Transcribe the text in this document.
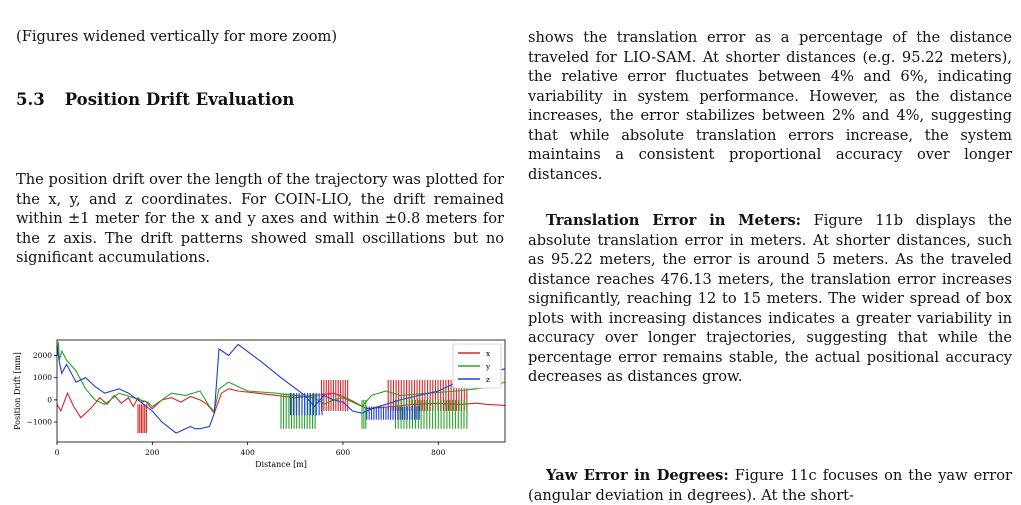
(Figures widened vertically for more zoom)
5.3 Position Drift Evaluation

The position drift over the length of the trajectory was plotted for the x, y, and z coordinates. For COIN-LIO, the drift remained within ±1 meter for the x and y axes and within ±0.8 meters for the z axis. The drift patterns showed small oscillations but no significant accumulations.

0	200	400	600	800
2000
1000
0
−1000
Distance [m]
Position Drift [mm]	x
y
z

shows the translation error as a percentage of the distance traveled for LIO-SAM. At shorter distances (e.g. 95.22 meters), the relative error fluctuates between 4% and 6%, indicating variability in system performance. However, as the distance increases, the error stabilizes between 2% and 4%, suggesting that while absolute translation errors increase, the system maintains a consistent proportional accuracy over longer distances.

Translation Error in Meters: Figure 11b displays the absolute translation error in meters. At shorter distances, such as 95.22 meters, the error is around 5 meters. As the traveled distance reaches 476.13 meters, the translation error increases significantly, reaching 12 to 15 meters. The wider spread of box plots with increasing distances indicates a greater variability in accuracy over longer trajectories, suggesting that while the percentage error remains stable, the actual positional accuracy decreases as distances grow.

Yaw Error in Degrees: Figure 11c focuses on the yaw error (angular deviation in degrees). At the short-
